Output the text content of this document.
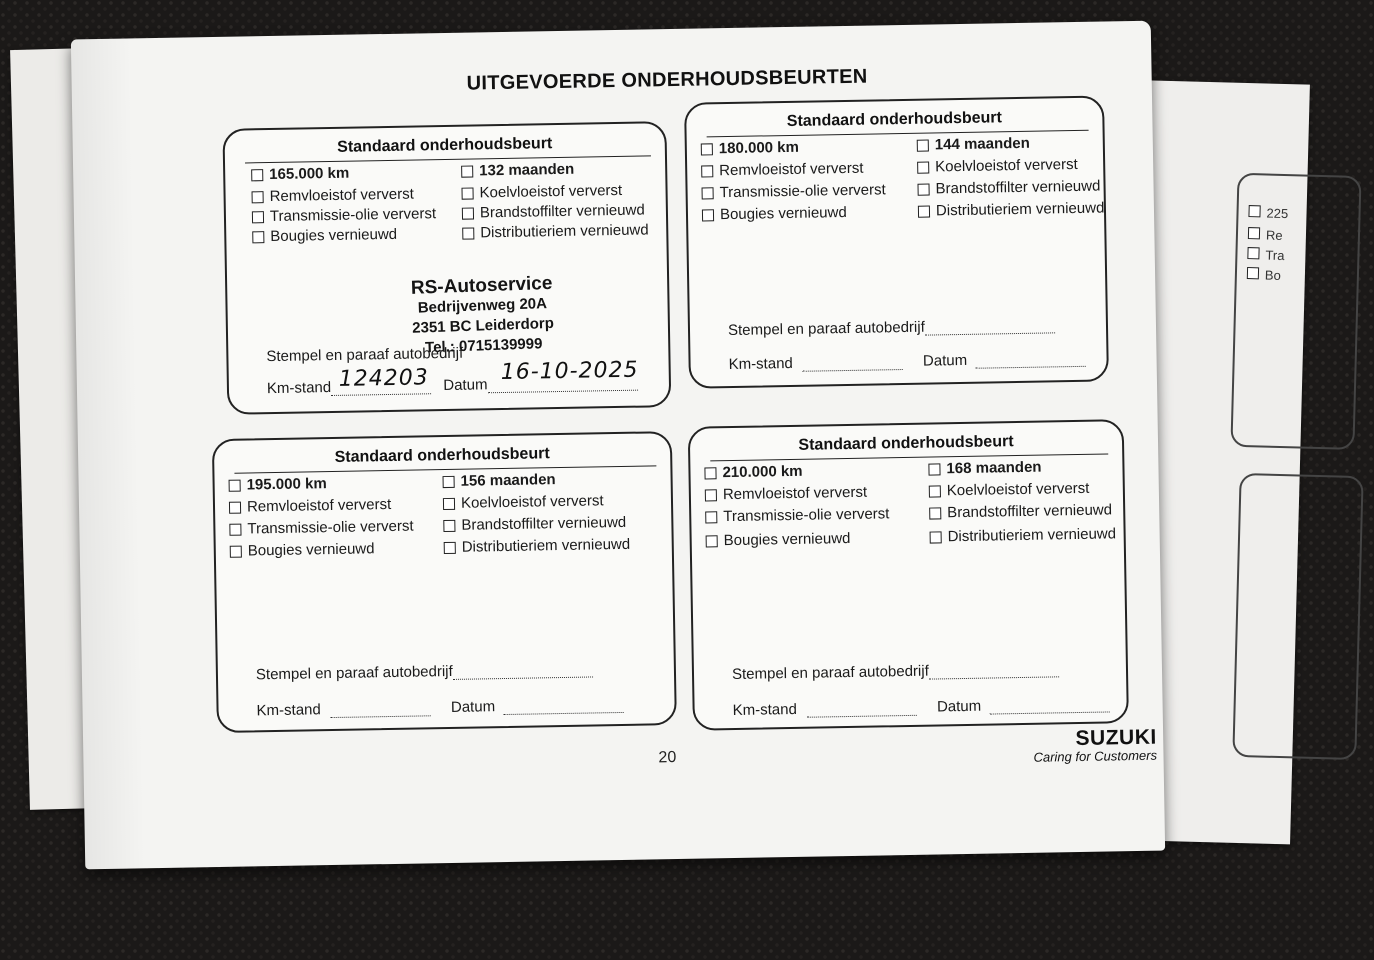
225
Re
Tra
Bo
UITGEVOERDE ONDERHOUDSBEURTEN
Standaard onderhoudsbeurt
165.000 km	132 maanden
Remvloeistof ververst
Transmissie-olie ververst
Bougies vernieuwd
Koelvloeistof ververst
Brandstoffilter vernieuwd
Distributieriem vernieuwd
RS-Autoservice
Bedrijvenweg 20A
2351 BC Leiderdorp
Tel.: 0715139999
Stempel en paraaf autobedrijf
Km-stand	Datum
124203	16-10-2025
Standaard onderhoudsbeurt
180.000 km	144 maanden
Remvloeistof ververst
Transmissie-olie ververst
Bougies vernieuwd
Koelvloeistof ververst
Brandstoffilter vernieuwd
Distributieriem vernieuwd
Stempel en paraaf autobedrijf
Km-stand	Datum
Standaard onderhoudsbeurt
195.000 km	156 maanden
Remvloeistof ververst
Transmissie-olie ververst
Bougies vernieuwd
Koelvloeistof ververst
Brandstoffilter vernieuwd
Distributieriem vernieuwd
Stempel en paraaf autobedrijf
Km-stand	Datum
Standaard onderhoudsbeurt
210.000 km	168 maanden
Remvloeistof ververst
Transmissie-olie ververst
Bougies vernieuwd
Koelvloeistof ververst
Brandstoffilter vernieuwd
Distributieriem vernieuwd
Stempel en paraaf autobedrijf
Km-stand	Datum
20
SUZUKI
Caring for Customers
